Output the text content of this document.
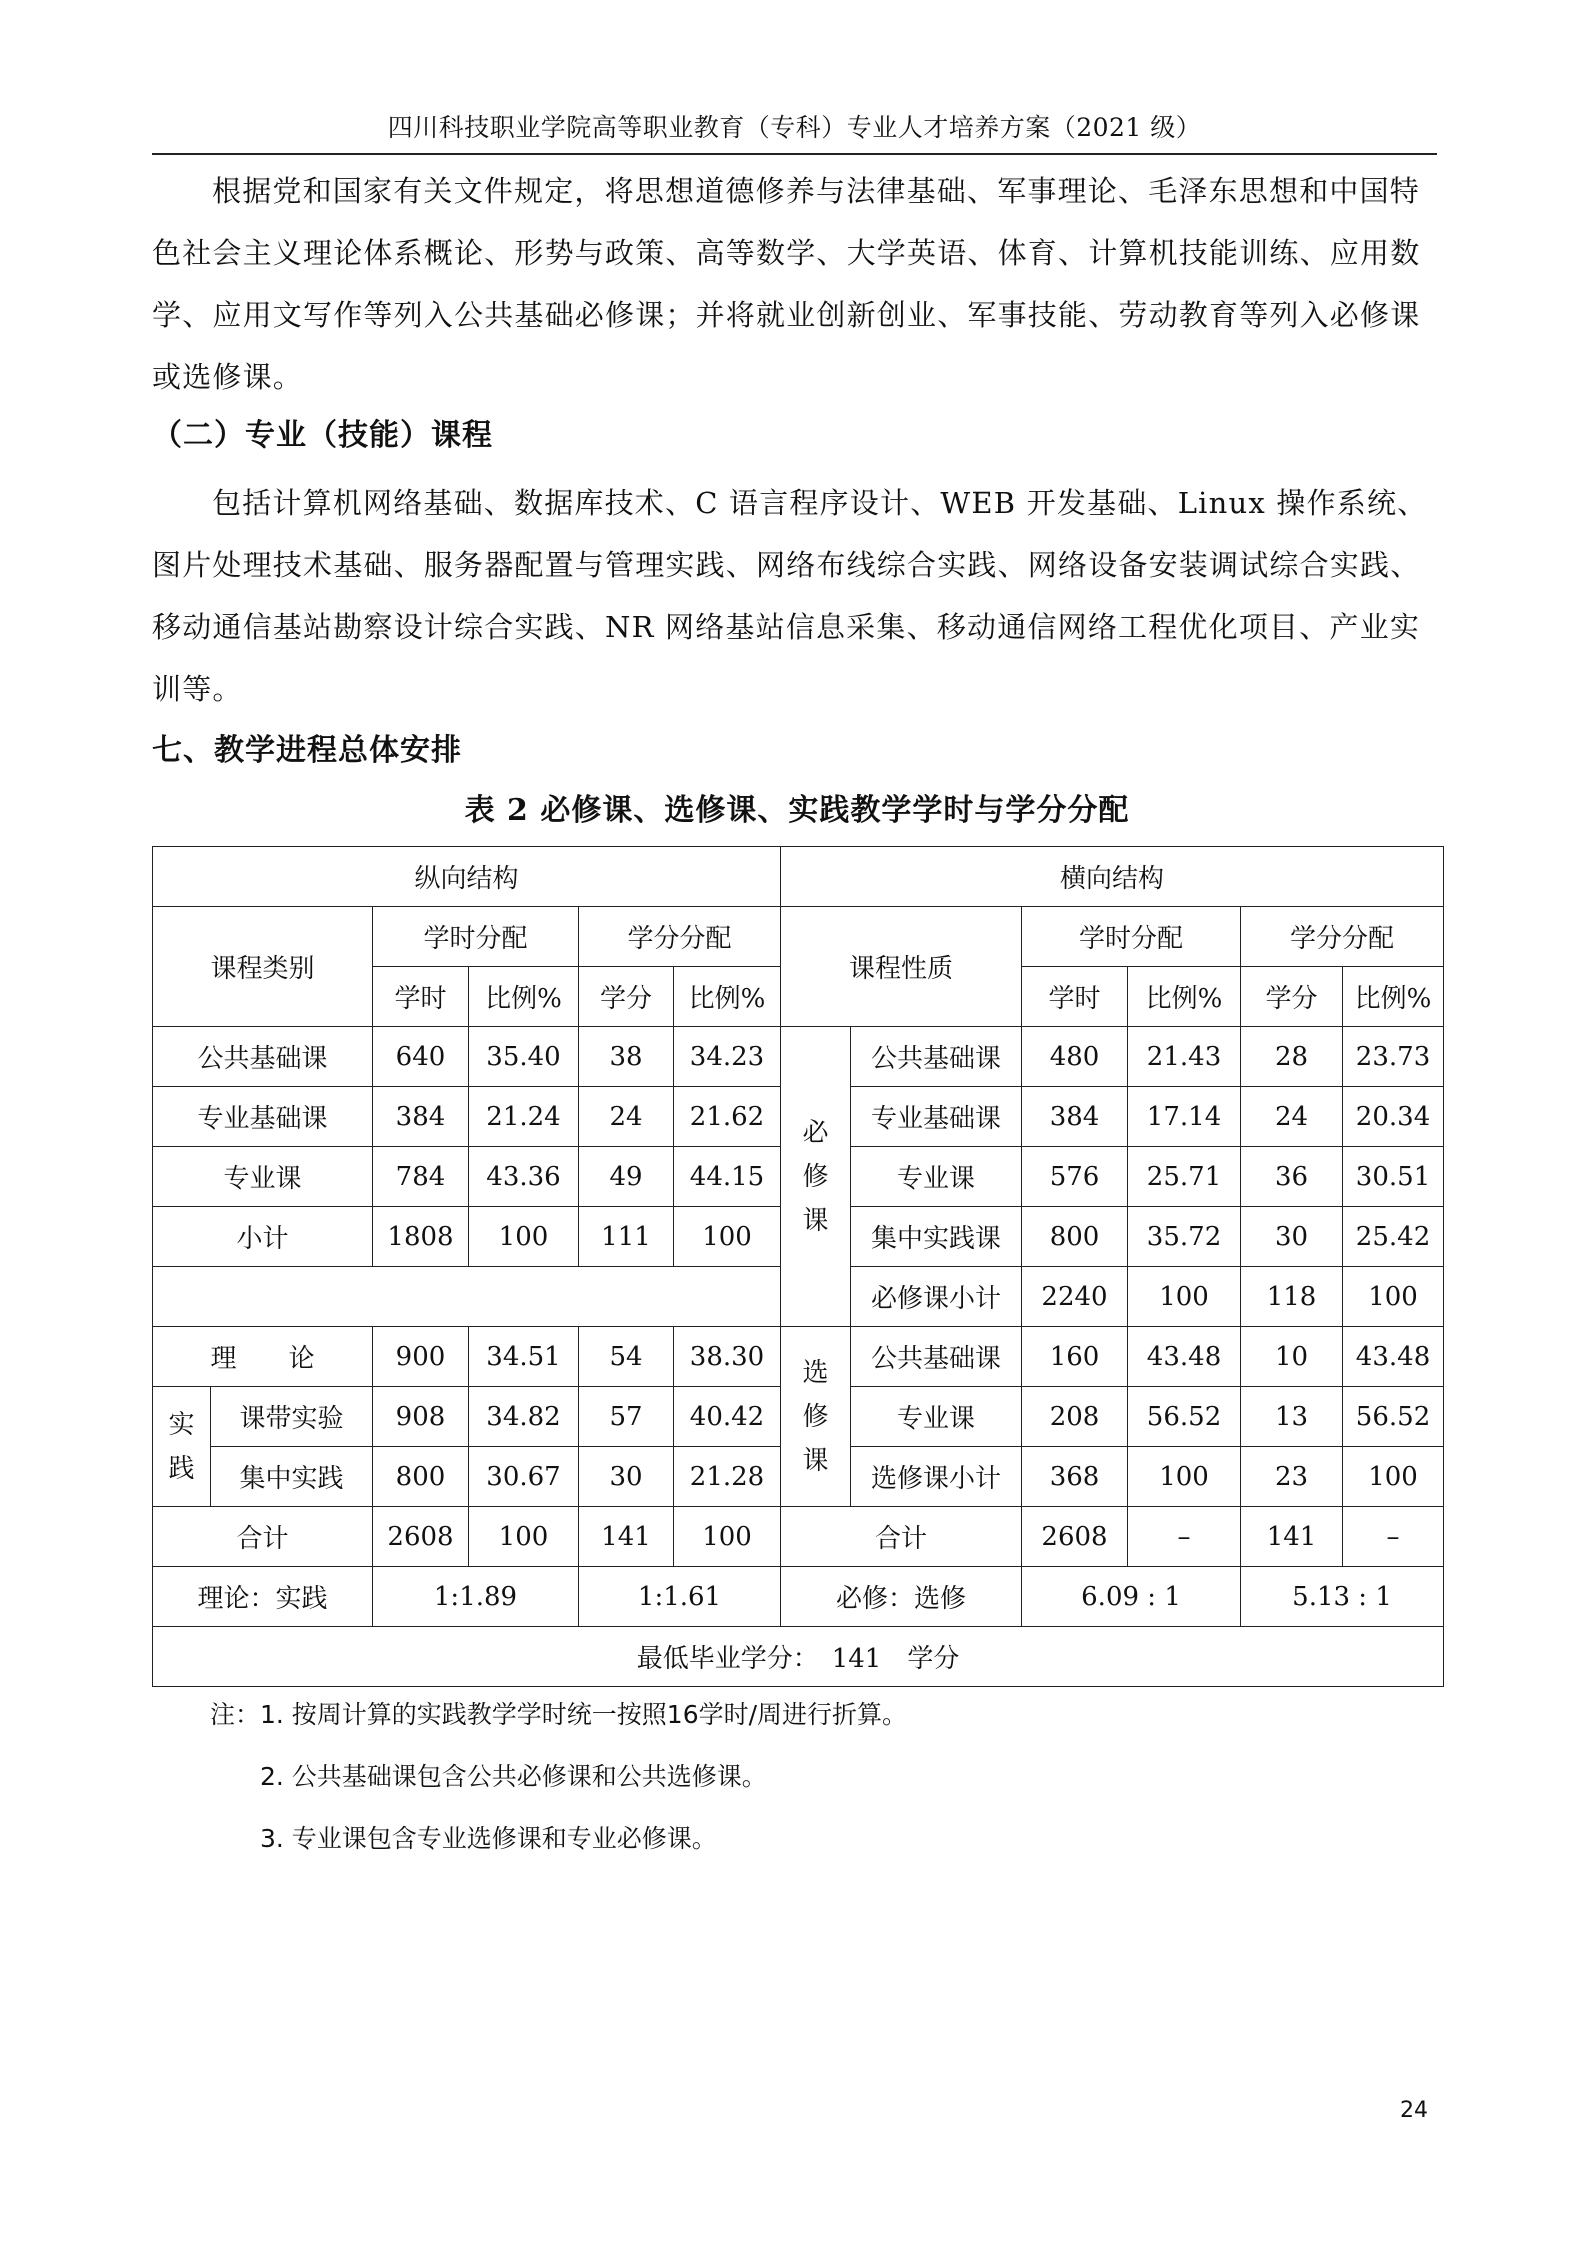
四川科技职业学院高等职业教育（专科）专业人才培养方案（2021 级）

根据党和国家有关文件规定，将思想道德修养与法律基础、军事理论、毛泽东思想和中国特色社会主义理论体系概论、形势与政策、高等数学、大学英语、体育、计算机技能训练、应用数学、应用文写作等列入公共基础必修课；并将就业创新创业、军事技能、劳动教育等列入必修课或选修课。

（二）专业（技能）课程

包括计算机网络基础、数据库技术、C 语言程序设计、WEB 开发基础、Linux 操作系统、图片处理技术基础、服务器配置与管理实践、网络布线综合实践、网络设备安装调试综合实践、移动通信基站勘察设计综合实践、NR 网络基站信息采集、移动通信网络工程优化项目、产业实训等。

七、教学进程总体安排
表 2 必修课、选修课、实践教学学时与学分分配
纵向结构						横向结构					
课程类别		学时分配		学分分配		课程性质		学时分配		学分分配	
		学时	比例%	学分	比例%			学时	比例%	学分	比例%
公共基础课		640	35.40	38	34.23	必修课	公共基础课	480	21.43	28	23.73
专业基础课		384	21.24	24	21.62		专业基础课	384	17.14	24	20.34
专业课		784	43.36	49	44.15		专业课	576	25.71	36	30.51
小计		1808	100	111	100		集中实践课	800	35.72	30	25.42
							必修课小计	2240	100	118	100
理　　论		900	34.51	54	38.30	选修课	公共基础课	160	43.48	10	43.48
实践	课带实验	908	34.82	57	40.42		专业课	208	56.52	13	56.52
	集中实践	800	30.67	30	21.28		选修课小计	368	100	23	100
合计		2608	100	141	100	合计		2608	–	141	–
理论：实践		1:1.89		1:1.61		必修：选修		6.09 : 1		5.13 : 1	
最低毕业学分：　141　学分											
注：1. 按周计算的实践教学学时统一按照16学时/周进行折算。
2. 公共基础课包含公共必修课和公共选修课。
3. 专业课包含专业选修课和专业必修课。
24
